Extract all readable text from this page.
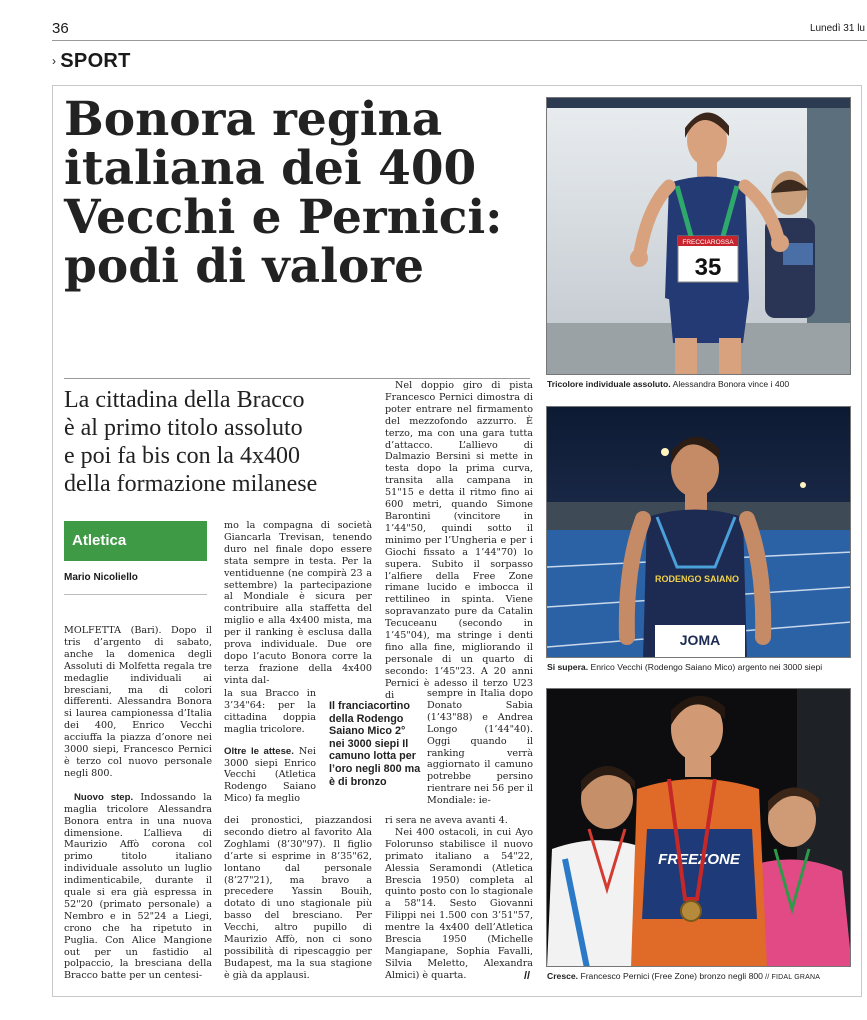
36	Lunedì 31 lu
› SPORT
Bonora regina
italiana dei 400
Vecchi e Pernici:
podi di valore
La cittadina della Bracco
è al primo titolo assoluto
e poi fa bis con la 4x400
della formazione milanese
Atletica
Mario Nicoliello
MOLFETTA (Bari). Dopo il tris d’argento di sabato, anche la domenica degli Assoluti di Molfetta regala tre medaglie individuali ai bresciani, ma di colori differenti. Alessandra Bonora si laurea campionessa d’Italia dei 400, Enrico Vecchi acciuffa la piazza d’onore nei 3000 siepi, Francesco Pernici è terzo col nuovo personale negli 800.
Nuovo step. Indossando la maglia tricolore Alessandra Bonora entra in una nuova dimensione. L’allieva di Maurizio Affò corona col primo titolo italiano individuale assoluto un luglio indimenticabile, durante il quale si era già espressa in 52"20 (primato personale) a Nembro e in 52"24 a Liegi, crono che ha ripetuto in Puglia. Con Alice Mangione out per un fastidio al polpaccio, la bresciana della Bracco batte per un centesi-
mo la compagna di società Giancarla Trevisan, tenendo duro nel finale dopo essere stata sempre in testa. Per la ventiduenne (ne compirà 23 a settembre) la partecipazione al Mondiale è sicura per contribuire alla staffetta del miglio e alla 4x400 mista, ma per il ranking è esclusa dalla prova individuale. Due ore dopo l’acuto Bonora corre la terza frazione della 4x400 vinta dal-
la sua Bracco in 3’34"64: per la cittadina doppia maglia tricolore.
Oltre le attese. Nei 3000 siepi Enrico Vecchi (Atletica Rodengo Saiano Mico) fa meglio
dei pronostici, piazzandosi secondo dietro al favorito Ala Zoghlami (8’30"97). Il figlio d’arte si esprime in 8’35"62, lontano dal personale (8’27"21), ma bravo a precedere Yassin Bouih, dotato di uno stagionale più basso del bresciano. Per Vecchi, altro pupillo di Maurizio Affò, non ci sono possibilità di ripescaggio per Budapest, ma la sua stagione è già da applausi.
Il franciacortino della Rodengo Saiano Mico 2° nei 3000 siepi Il camuno lotta per l’oro negli 800 ma è di bronzo
Nel doppio giro di pista Francesco Pernici dimostra di poter entrare nel firmamento del mezzofondo azzurro. È terzo, ma con una gara tutta d’attacco. L’allievo di Dalmazio Bersini si mette in testa dopo la prima curva, transita alla campana in 51"15 e detta il ritmo fino ai 600 metri, quando Simone Barontini (vincitore in 1’44"50, quindi sotto il minimo per l’Ungheria e per i Giochi fissato a 1’44"70) lo supera. Subito il sorpasso l’alfiere della Free Zone rimane lucido e imbocca il rettilineo in spinta. Viene sopravanzato pure da Catalin Tecuceanu (secondo in 1’45"04), ma stringe i denti fino alla fine, migliorando il personale di un quarto di secondo: 1’45"23. A 20 anni Pernici è adesso il terzo U23 di	sempre in Italia dopo Donato Sabia (1’43"88) e Andrea Longo (1’44"40). Oggi quando il ranking verrà aggiornato il camuno potrebbe persino rientrare nei 56 per il Mondiale: ie-
ri sera ne aveva avanti 4.
Nei 400 ostacoli, in cui Ayo Folorunso stabilisce il nuovo primato italiano a 54"22, Alessia Seramondi (Atletica Brescia 1950) completa al quinto posto con lo stagionale a 58"14. Sesto Giovanni Filippi nei 1.500 con 3’51"57, mentre la 4x400 dell’Atletica Brescia 1950 (Michelle Mangiapane, Sophia Favalli, Silvia Meletto, Alexandra Almici) è quarta.	//
FRECCIAROSSA
35
Tricolore individuale assoluto. Alessandra Bonora vince i 400
RODENGO SAIANO
JOMA
Si supera. Enrico Vecchi (Rodengo Saiano Mico) argento nei 3000 siepi
FREEZONE
Cresce. Francesco Pernici (Free Zone) bronzo negli 800 // FIDAL GRANA
